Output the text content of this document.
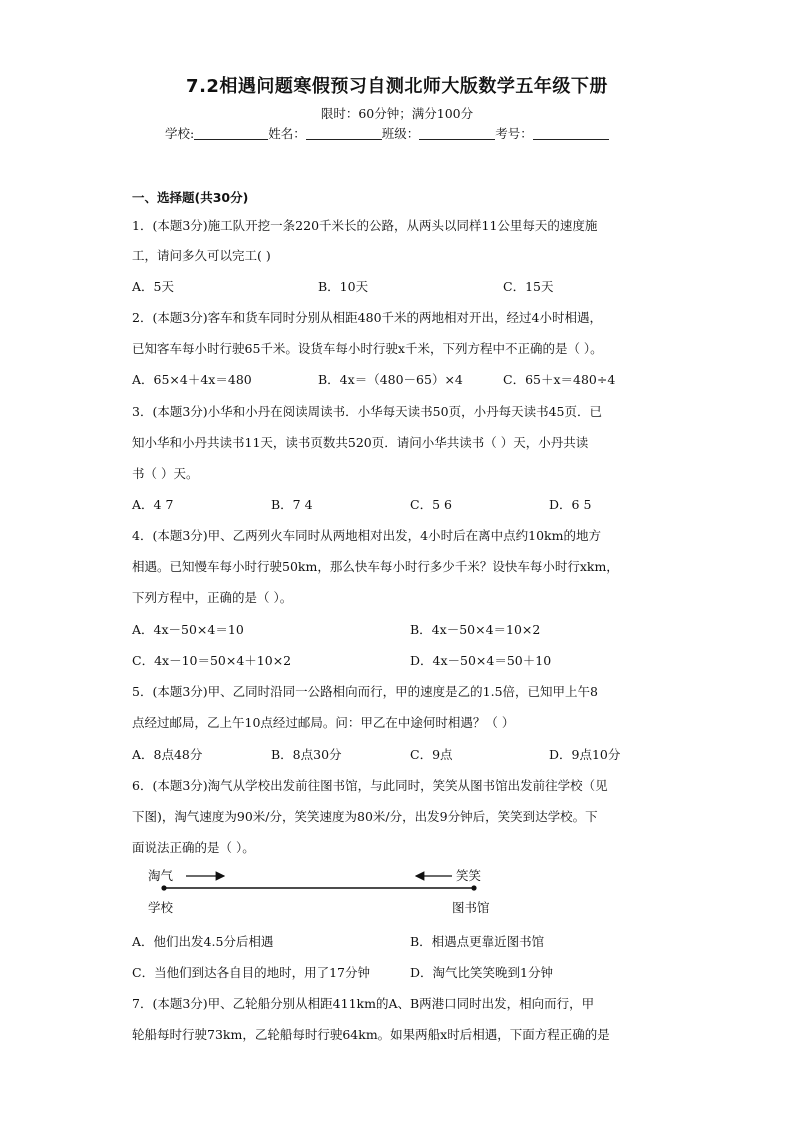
7.2相遇问题寒假预习自测北师大版数学五年级下册
限时：60分钟；满分100分
学校:	姓名：	班级：	考号：
一、选择题(共30分)
1．(本题3分)施工队开挖一条220千米长的公路，从两头以同样11公里每天的速度施
工，请问多久可以完工( )
A．5天	B．10天	C．15天
2．(本题3分)客车和货车同时分别从相距480千米的两地相对开出，经过4小时相遇，
已知客车每小时行驶65千米。设货车每小时行驶x千米，下列方程中不正确的是（ ）。
A．65×4＋4x＝480	B．4x＝（480－65）×4	C．65＋x＝480÷4
3．(本题3分)小华和小丹在阅读周读书．小华每天读书50页，小丹每天读书45页．已
知小华和小丹共读书11天，读书页数共520页．请问小华共读书（ ）天，小丹共读
书（ ）天。
A．4 7	B．7 4	C．5 6	D．6 5
4．(本题3分)甲、乙两列火车同时从两地相对出发，4小时后在离中点约10km的地方
相遇。已知慢车每小时行驶50km，那么快车每小时行多少千米？设快车每小时行xkm，
下列方程中，正确的是（ ）。
A．4x－50×4＝10	B．4x－50×4＝10×2
C．4x－10＝50×4＋10×2	D．4x－50×4＝50＋10
5．(本题3分)甲、乙同时沿同一公路相向而行，甲的速度是乙的1.5倍，已知甲上午8
点经过邮局，乙上午10点经过邮局。问：甲乙在中途何时相遇？（ ）
A．8点48分	B．8点30分	C．9点	D．9点10分
6．(本题3分)淘气从学校出发前往图书馆，与此同时，笑笑从图书馆出发前往学校（见
下图)，淘气速度为90米/分，笑笑速度为80米/分，出发9分钟后，笑笑到达学校。下
面说法正确的是（ ）。
淘气	笑笑
学校	图书馆
A．他们出发4.5分后相遇	B．相遇点更靠近图书馆
C．当他们到达各自目的地时，用了17分钟	D．淘气比笑笑晚到1分钟
7．(本题3分)甲、乙轮船分别从相距411km的A、B两港口同时出发，相向而行，甲
轮船每时行驶73km，乙轮船每时行驶64km。如果两船x时后相遇，下面方程正确的是
